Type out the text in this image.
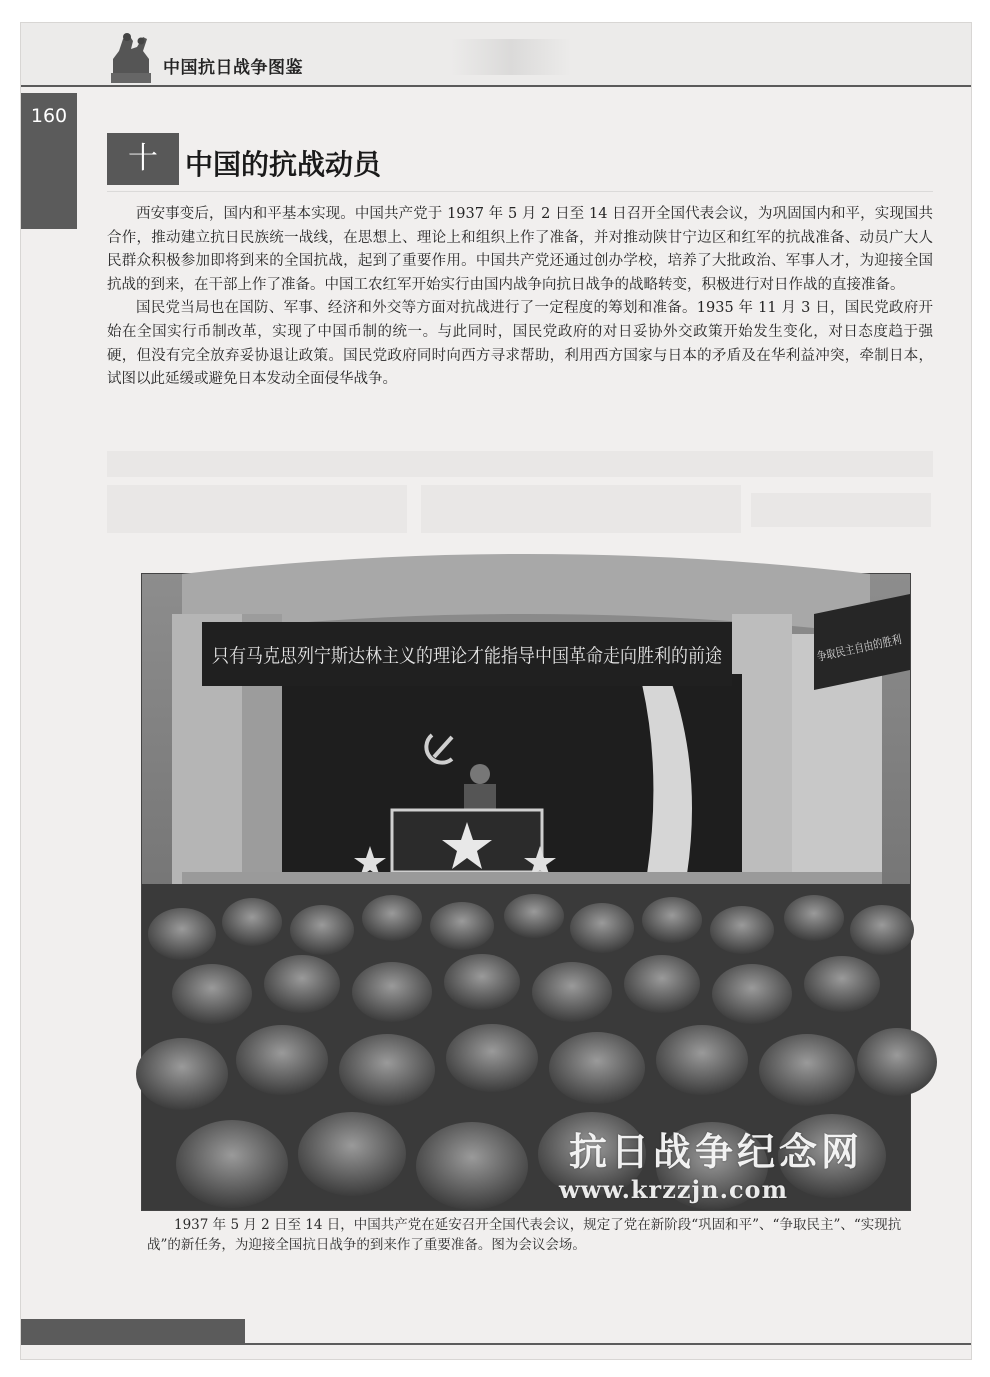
中国抗日战争图鉴
160
十 中国的抗战动员

西安事变后，国内和平基本实现。中国共产党于 1937 年 5 月 2 日至 14 日召开全国代表会议，为巩固国内和平，实现国共合作，推动建立抗日民族统一战线，在思想上、理论上和组织上作了准备，并对推动陕甘宁边区和红军的抗战准备、动员广大人民群众积极参加即将到来的全国抗战，起到了重要作用。中国共产党还通过创办学校，培养了大批政治、军事人才，为迎接全国抗战的到来，在干部上作了准备。中国工农红军开始实行由国内战争向抗日战争的战略转变，积极进行对日作战的直接准备。

国民党当局也在国防、军事、经济和外交等方面对抗战进行了一定程度的筹划和准备。1935 年 11 月 3 日，国民党政府开始在全国实行币制改革，实现了中国币制的统一。与此同时，国民党政府的对日妥协外交政策开始发生变化，对日态度趋于强硬，但没有完全放弃妥协退让政策。国民党政府同时向西方寻求帮助，利用西方国家与日本的矛盾及在华利益冲突，牵制日本，试图以此延缓或避免日本发动全面侵华战争。

只有马克思列宁斯达林主义的理论才能指导中国革命走向胜利的前途	争取民主自由的胜利
抗日战争纪念网
www.krzzjn.com
1937 年 5 月 2 日至 14 日，中国共产党在延安召开全国代表会议，规定了党在新阶段“巩固和平”、“争取民主”、“实现抗战”的新任务，为迎接全国抗日战争的到来作了重要准备。图为会议会场。
